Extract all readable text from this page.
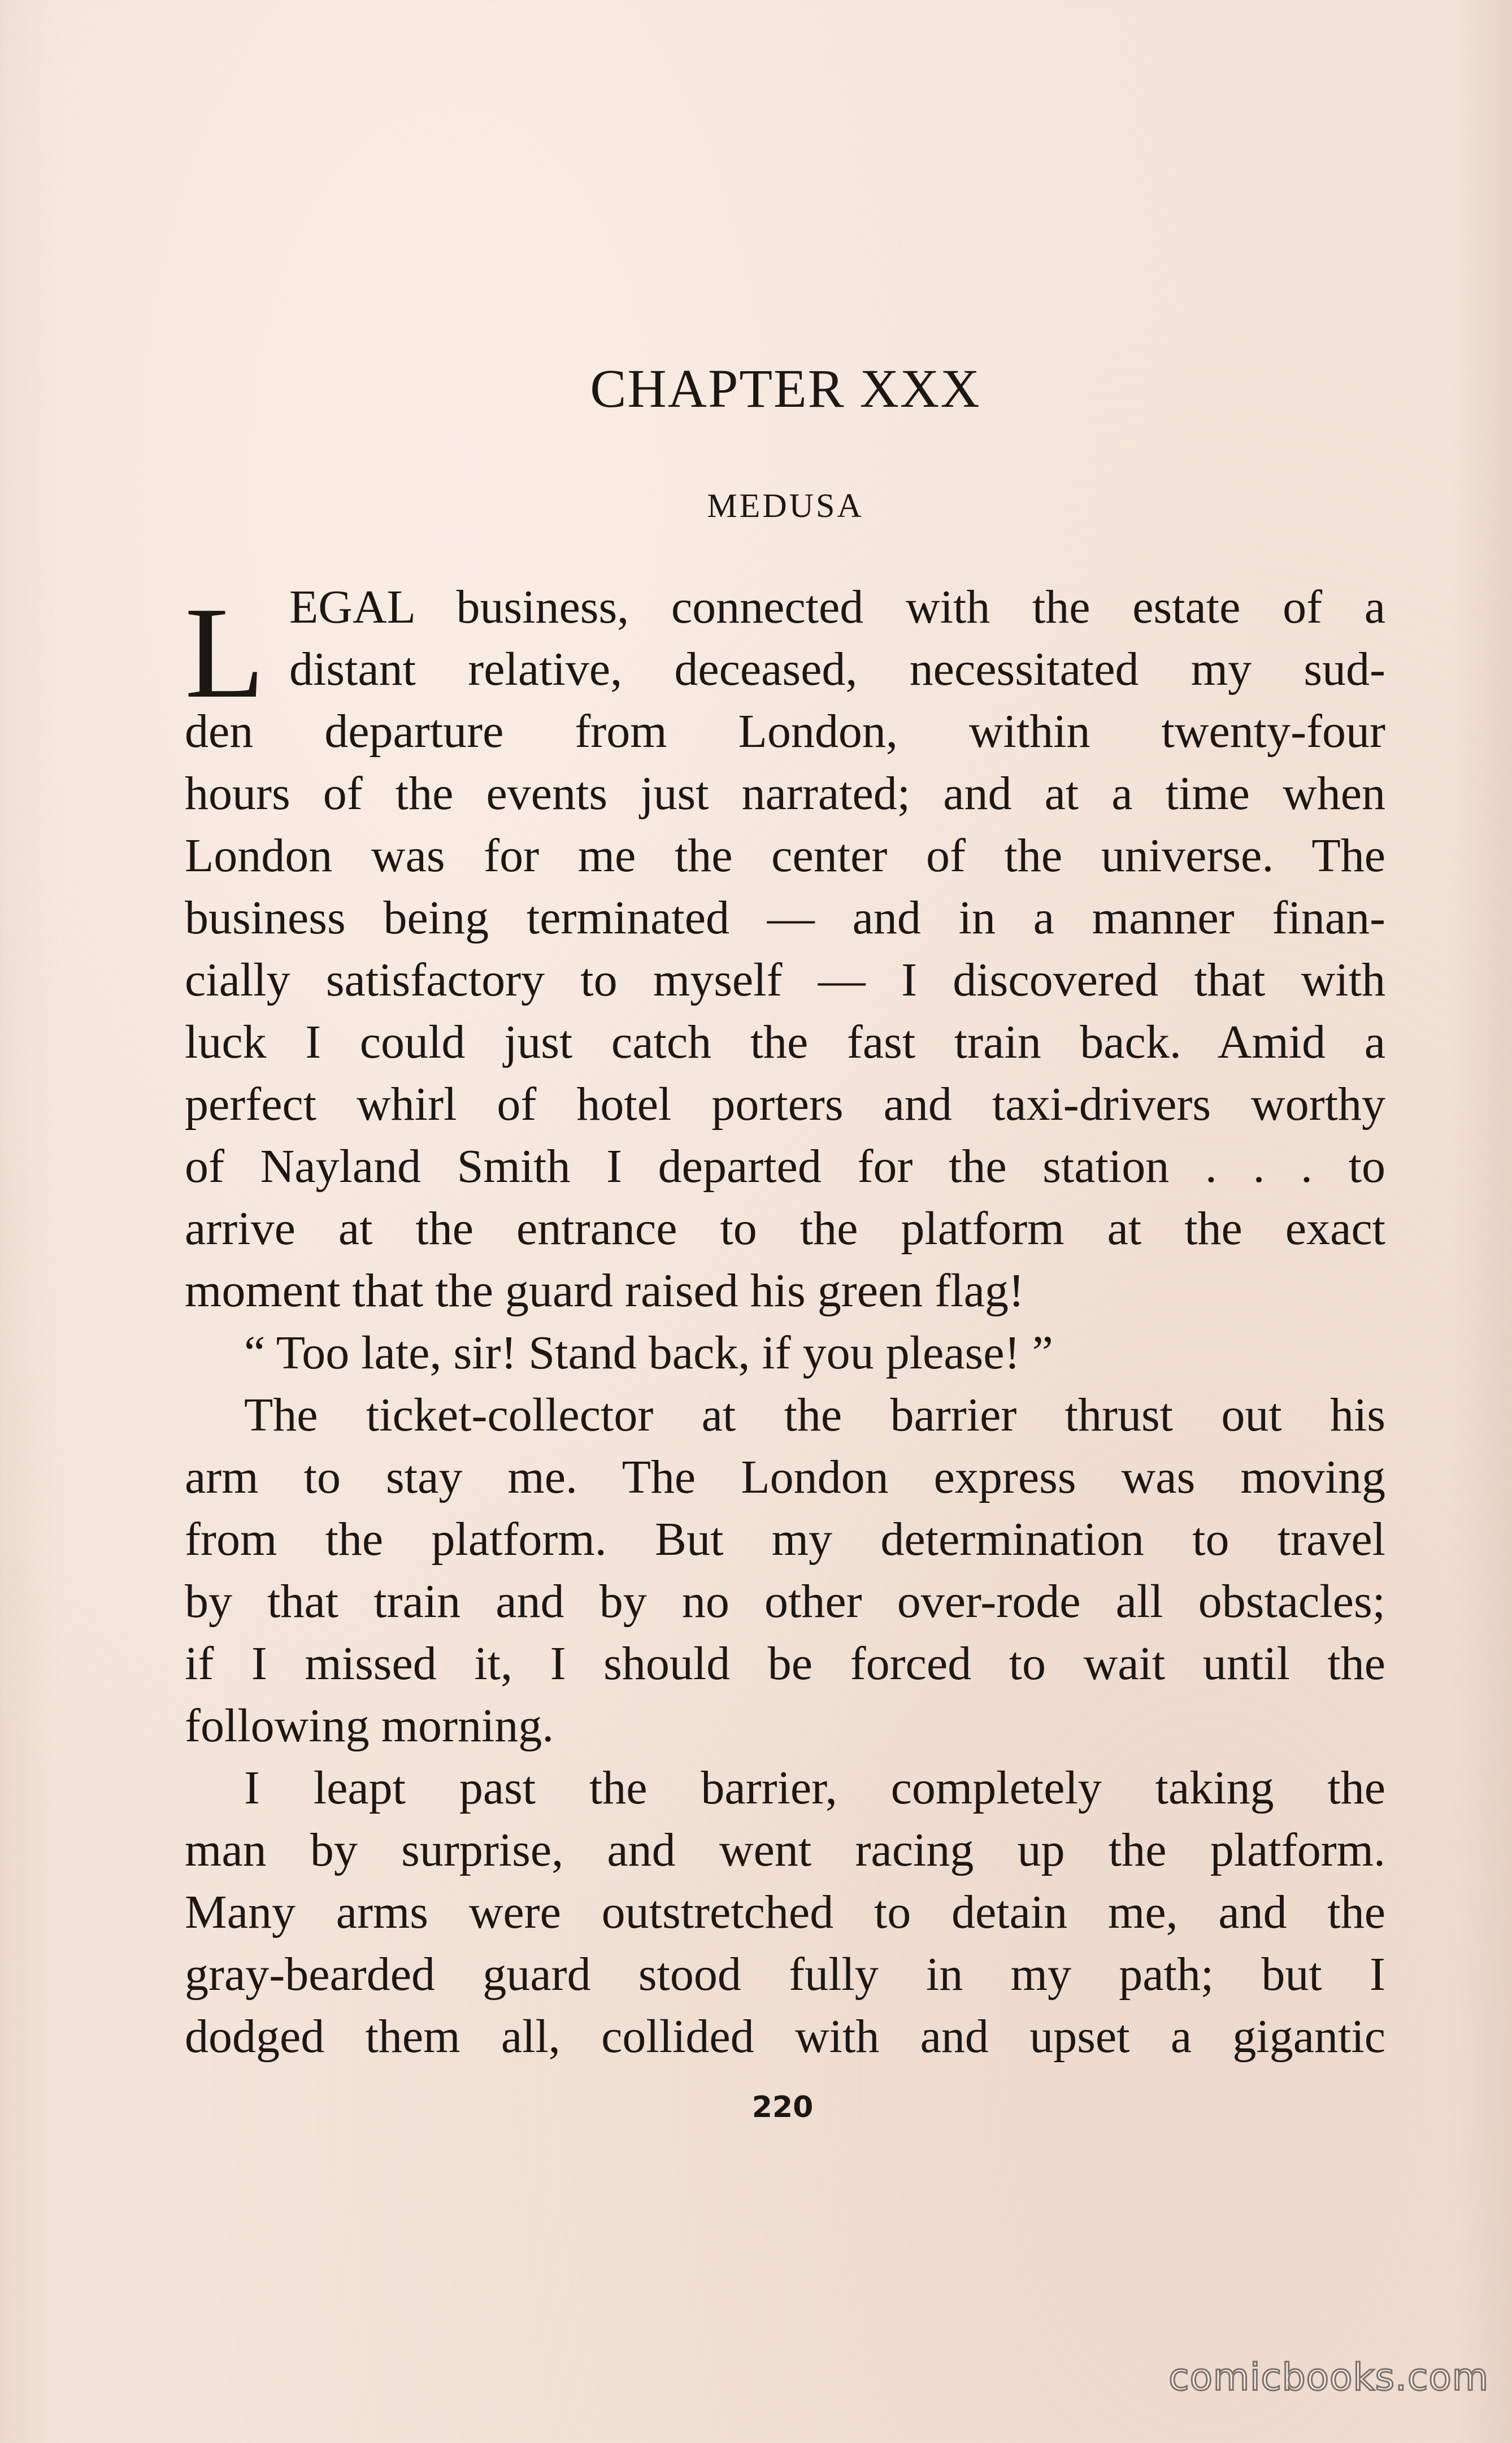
CHAPTER XXX
MEDUSA
L EGAL business, connected with the estate of a
distant relative, deceased, necessitated my sud-
den departure from London, within twenty-four
hours of the events just narrated; and at a time when
London was for me the center of the universe. The
business being terminated — and in a manner finan-
cially satisfactory to myself — I discovered that with
luck I could just catch the fast train back. Amid a
perfect whirl of hotel porters and taxi-drivers worthy
of Nayland Smith I departed for the station . . . to
arrive at the entrance to the platform at the exact
moment that the guard raised his green flag!
“ Too late, sir! Stand back, if you please! ”
The ticket-collector at the barrier thrust out his
arm to stay me. The London express was moving
from the platform. But my determination to travel
by that train and by no other over-rode all obstacles;
if I missed it, I should be forced to wait until the
following morning.
I leapt past the barrier, completely taking the
man by surprise, and went racing up the platform.
Many arms were outstretched to detain me, and the
gray-bearded guard stood fully in my path; but I
dodged them all, collided with and upset a gigantic
220
comicbooks.com
